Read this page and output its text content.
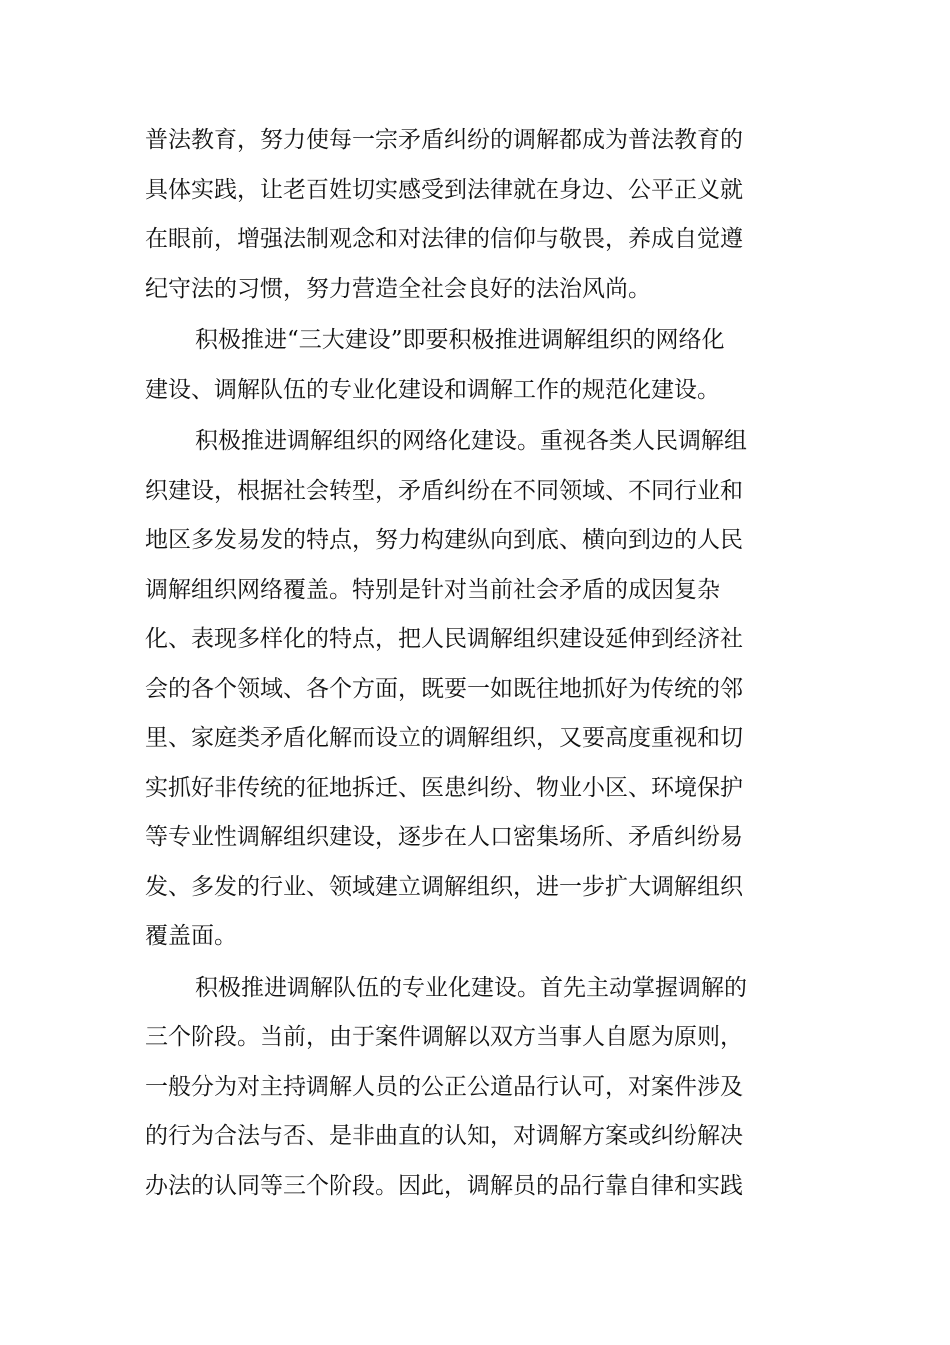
普法教育，努力使每一宗矛盾纠纷的调解都成为普法教育的
具体实践，让老百姓切实感受到法律就在身边、公平正义就
在眼前，增强法制观念和对法律的信仰与敬畏，养成自觉遵
纪守法的习惯，努力营造全社会良好的法治风尚。
积极推进“三大建设”即要积极推进调解组织的网络化
建设、调解队伍的专业化建设和调解工作的规范化建设。
积极推进调解组织的网络化建设。重视各类人民调解组
织建设，根据社会转型，矛盾纠纷在不同领域、不同行业和
地区多发易发的特点，努力构建纵向到底、横向到边的人民
调解组织网络覆盖。特别是针对当前社会矛盾的成因复杂
化、表现多样化的特点，把人民调解组织建设延伸到经济社
会的各个领域、各个方面，既要一如既往地抓好为传统的邻
里、家庭类矛盾化解而设立的调解组织，又要高度重视和切
实抓好非传统的征地拆迁、医患纠纷、物业小区、环境保护
等专业性调解组织建设，逐步在人口密集场所、矛盾纠纷易
发、多发的行业、领域建立调解组织，进一步扩大调解组织
覆盖面。
积极推进调解队伍的专业化建设。首先主动掌握调解的
三个阶段。当前，由于案件调解以双方当事人自愿为原则，
一般分为对主持调解人员的公正公道品行认可，对案件涉及
的行为合法与否、是非曲直的认知，对调解方案或纠纷解决
办法的认同等三个阶段。因此，调解员的品行靠自律和实践
